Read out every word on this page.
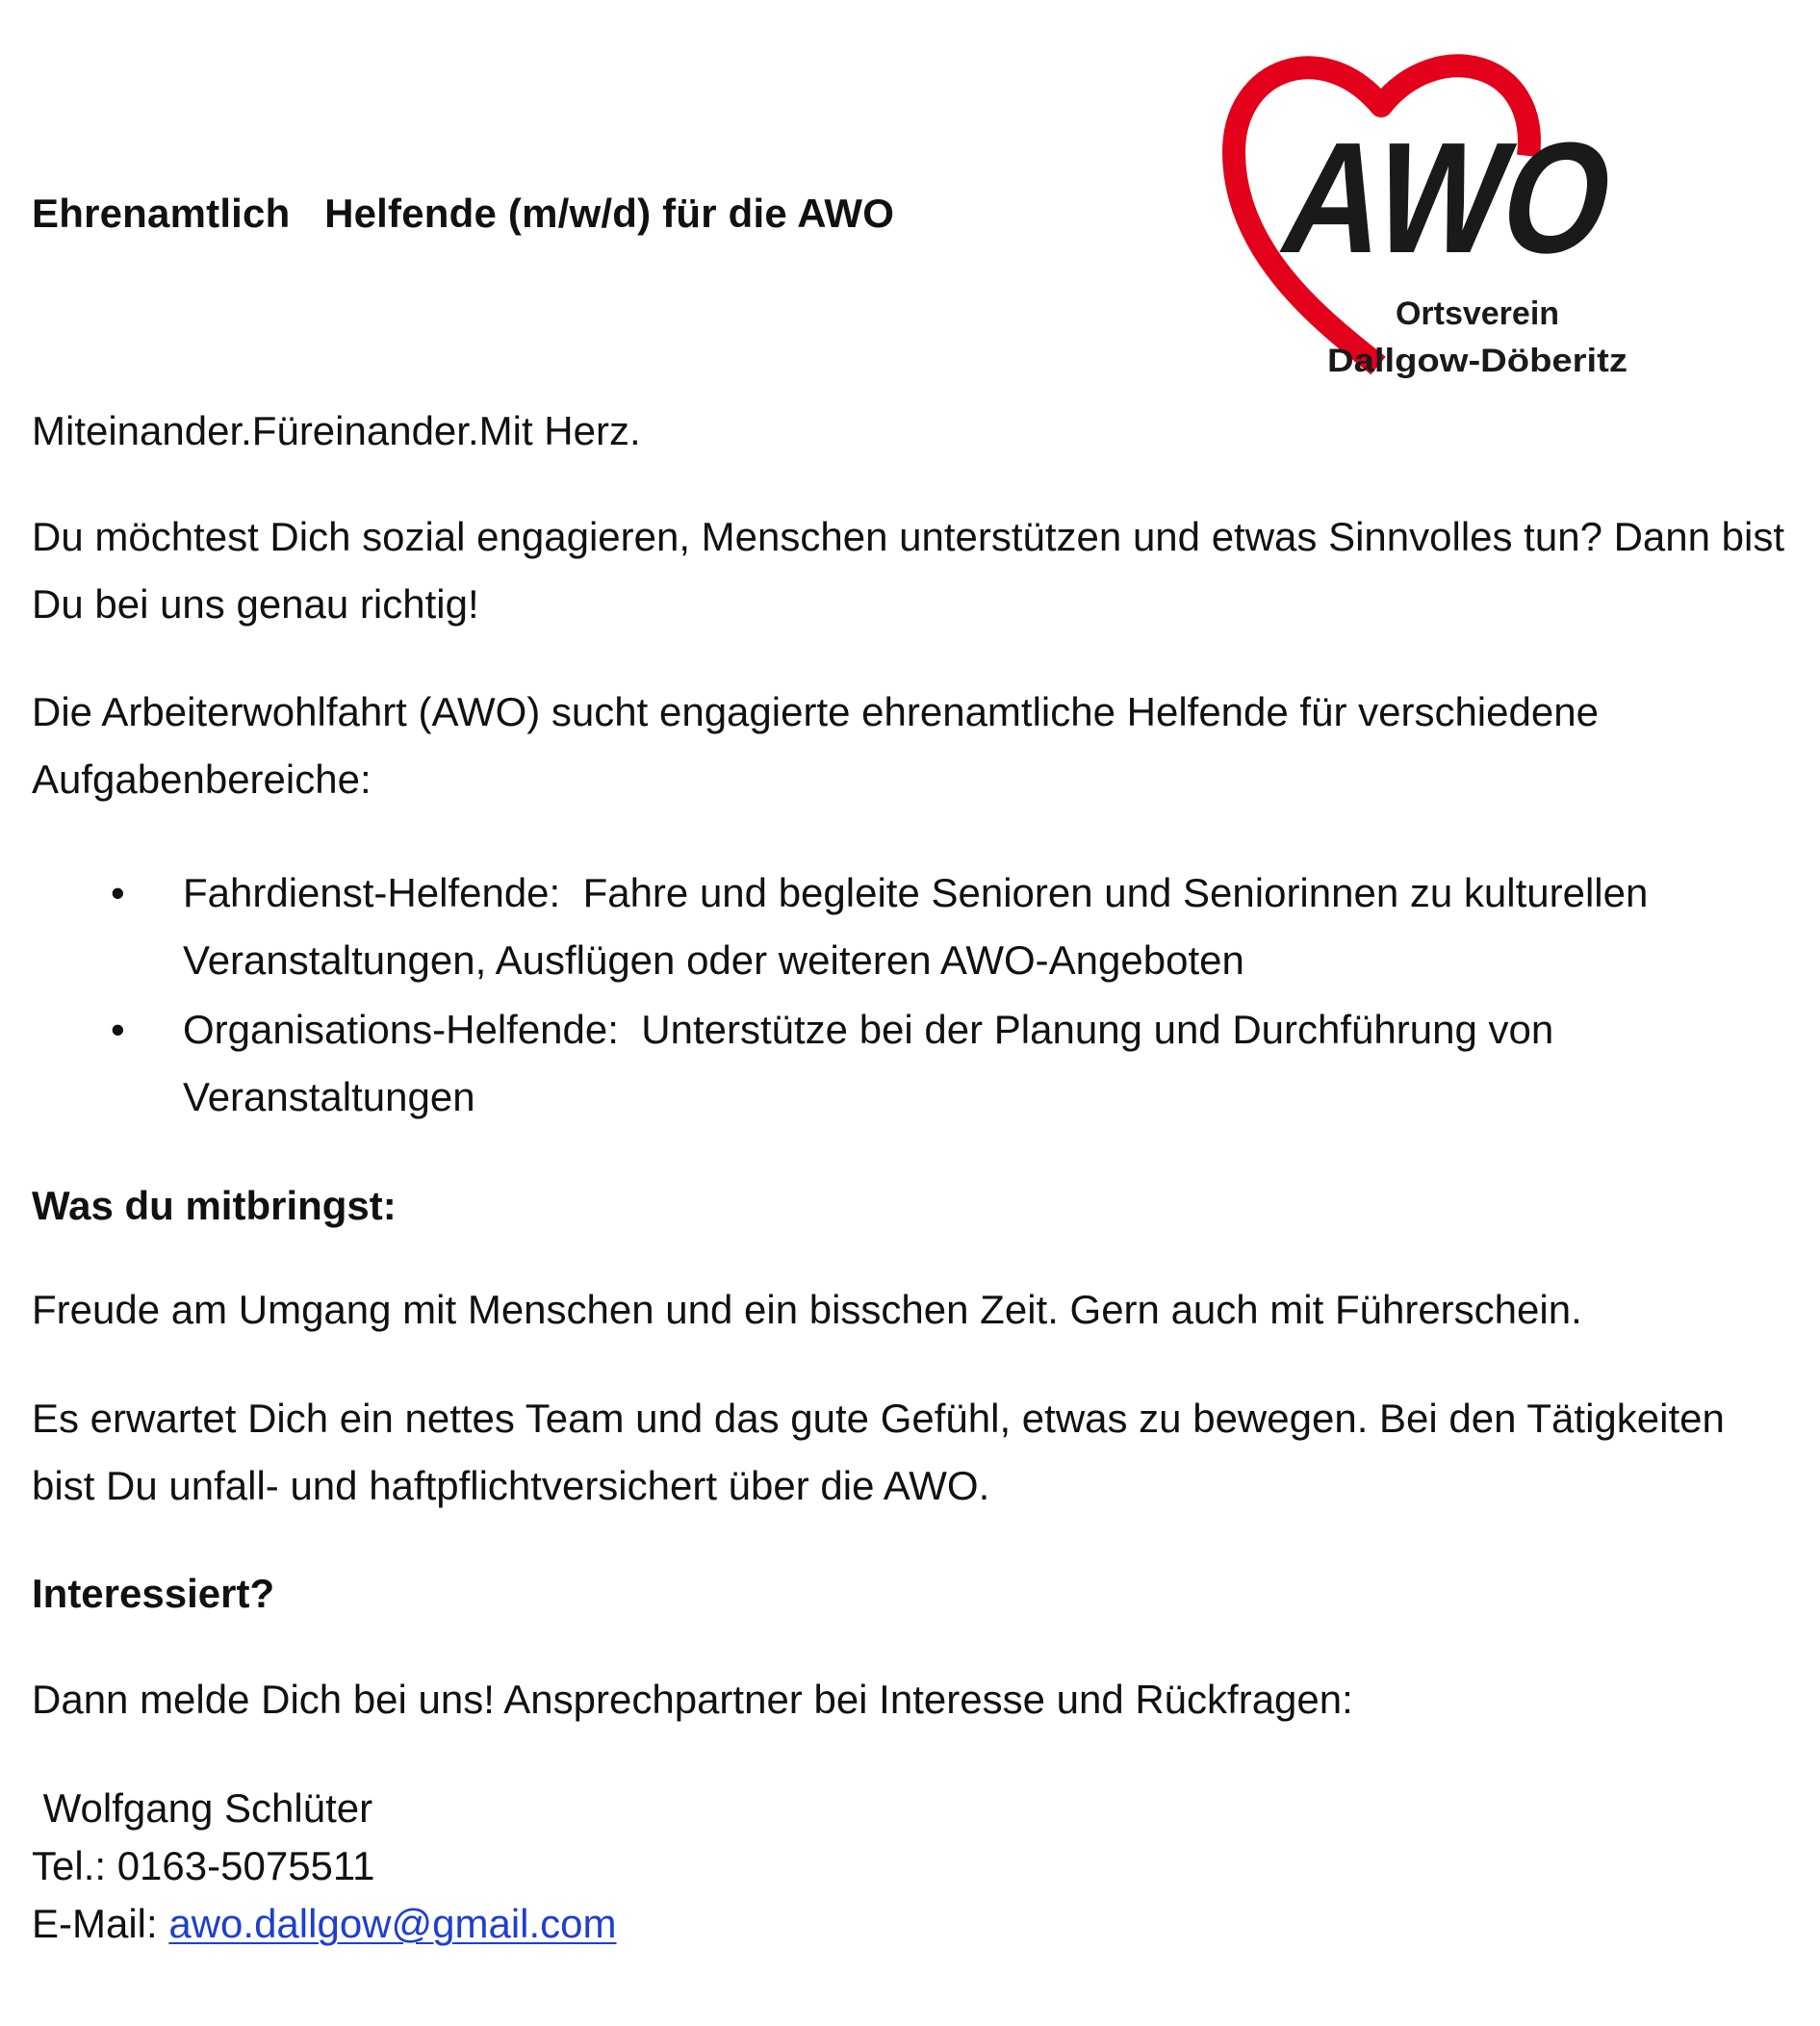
Ehrenamtlich   Helfende (m/w/d) für die AWO AWO
Ortsverein
Dallgow-Döberitz

Miteinander.Füreinander.Mit Herz.

Du möchtest Dich sozial engagieren, Menschen unterstützen und etwas Sinnvolles tun? Dann bist Du bei uns genau richtig!

Die Arbeiterwohlfahrt (AWO) sucht engagierte ehrenamtliche Helfende für verschiedene Aufgabenbereiche:

• Fahrdienst-Helfende: Fahre und begleite Senioren und Seniorinnen zu kulturellen Veranstaltungen, Ausflügen oder weiteren AWO-Angeboten
• Organisations-Helfende: Unterstütze bei der Planung und Durchführung von Veranstaltungen

Was du mitbringst:

Freude am Umgang mit Menschen und ein bisschen Zeit. Gern auch mit Führerschein.

Es erwartet Dich ein nettes Team und das gute Gefühl, etwas zu bewegen. Bei den Tätigkeiten bist Du unfall- und haftpflichtversichert über die AWO.

Interessiert?

Dann melde Dich bei uns! Ansprechpartner bei Interesse und Rückfragen:

Wolfgang Schlüter
Tel.: 0163-5075511
E-Mail: awo.dallgow@gmail.com
